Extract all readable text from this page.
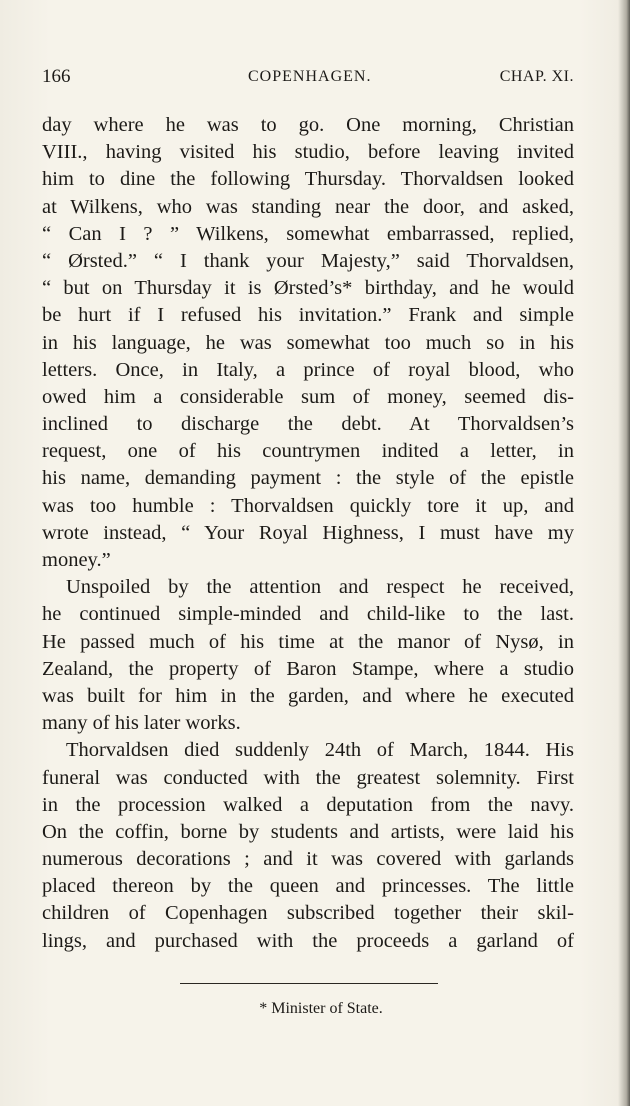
166	COPENHAGEN.	CHAP. XI.
day where he was to go. One morning, Christian
VIII., having visited his studio, before leaving invited
him to dine the following Thursday. Thorvaldsen looked
at Wilkens, who was standing near the door, and asked,
“ Can I ? ” Wilkens, somewhat embarrassed, replied,
“ Ørsted.” “ I thank your Majesty,” said Thorvaldsen,
“ but on Thursday it is Ørsted’s* birthday, and he would
be hurt if I refused his invitation.” Frank and simple
in his language, he was somewhat too much so in his
letters. Once, in Italy, a prince of royal blood, who
owed him a considerable sum of money, seemed dis-
inclined to discharge the debt. At Thorvaldsen’s
request, one of his countrymen indited a letter, in
his name, demanding payment : the style of the epistle
was too humble : Thorvaldsen quickly tore it up, and
wrote instead, “ Your Royal Highness, I must have my
money.”
Unspoiled by the attention and respect he received,
he continued simple-minded and child-like to the last.
He passed much of his time at the manor of Nysø, in
Zealand, the property of Baron Stampe, where a studio
was built for him in the garden, and where he executed
many of his later works.
Thorvaldsen died suddenly 24th of March, 1844. His
funeral was conducted with the greatest solemnity. First
in the procession walked a deputation from the navy.
On the coffin, borne by students and artists, were laid his
numerous decorations ; and it was covered with garlands
placed thereon by the queen and princesses. The little
children of Copenhagen subscribed together their skil-
lings, and purchased with the proceeds a garland of
* Minister of State.
